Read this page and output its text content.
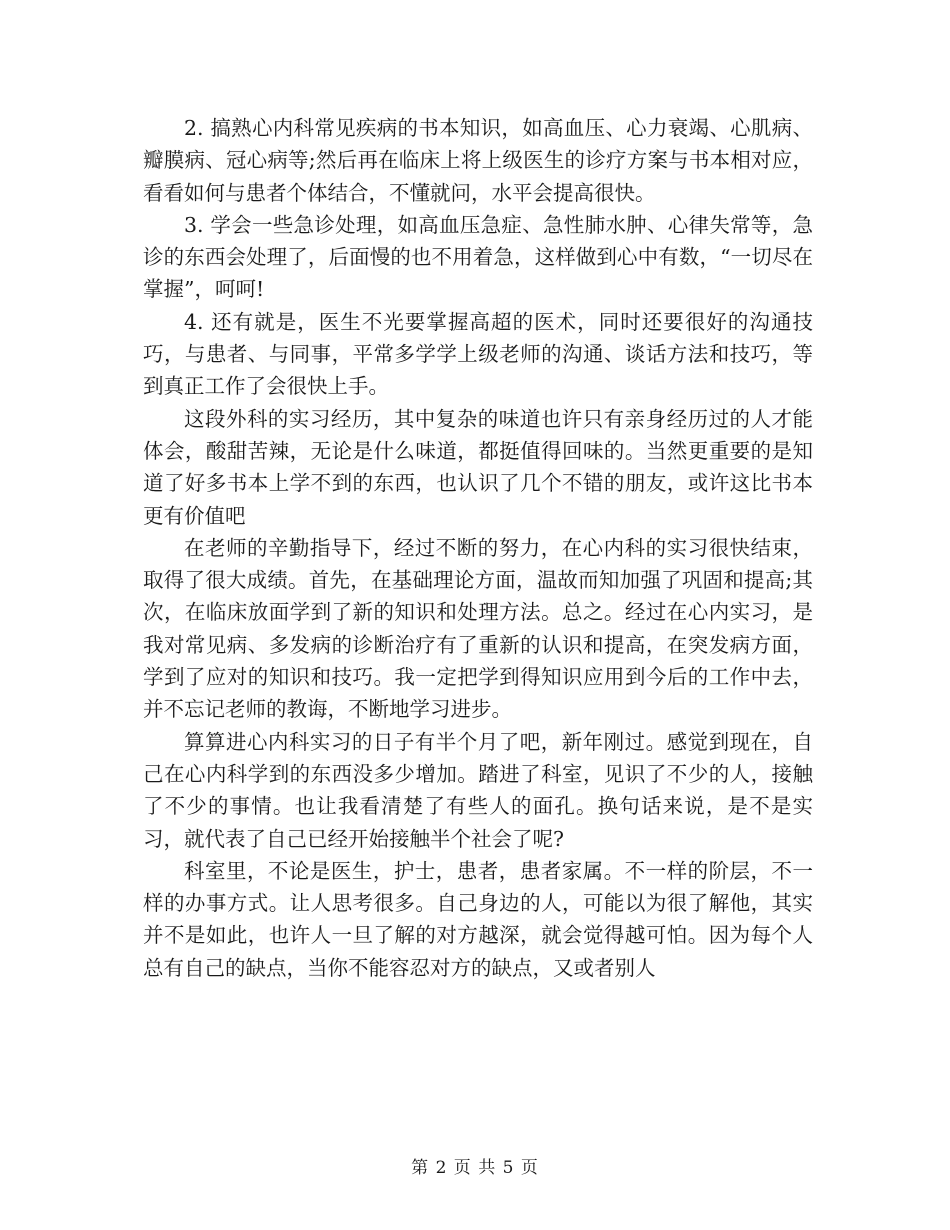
2. 搞熟心内科常见疾病的书本知识，如高血压、心力衰竭、心肌病、瓣膜病、冠心病等;然后再在临床上将上级医生的诊疗方案与书本相对应，看看如何与患者个体结合，不懂就问，水平会提高很快。

3. 学会一些急诊处理，如高血压急症、急性肺水肿、心律失常等，急诊的东西会处理了，后面慢的也不用着急，这样做到心中有数，“一切尽在掌握”，呵呵!

4. 还有就是，医生不光要掌握高超的医术，同时还要很好的沟通技巧，与患者、与同事，平常多学学上级老师的沟通、谈话方法和技巧，等到真正工作了会很快上手。

这段外科的实习经历，其中复杂的味道也许只有亲身经历过的人才能体会，酸甜苦辣，无论是什么味道，都挺值得回味的。当然更重要的是知道了好多书本上学不到的东西，也认识了几个不错的朋友，或许这比书本更有价值吧

在老师的辛勤指导下，经过不断的努力，在心内科的实习很快结束，取得了很大成绩。首先，在基础理论方面，温故而知加强了巩固和提高;其次，在临床放面学到了新的知识和处理方法。总之。经过在心内实习，是我对常见病、多发病的诊断治疗有了重新的认识和提高，在突发病方面，学到了应对的知识和技巧。我一定把学到得知识应用到今后的工作中去，并不忘记老师的教诲，不断地学习进步。

算算进心内科实习的日子有半个月了吧，新年刚过。感觉到现在，自己在心内科学到的东西没多少增加。踏进了科室，见识了不少的人，接触了不少的事情。也让我看清楚了有些人的面孔。换句话来说，是不是实习，就代表了自己已经开始接触半个社会了呢?

科室里，不论是医生，护士，患者，患者家属。不一样的阶层，不一样的办事方式。让人思考很多。自己身边的人，可能以为很了解他，其实并不是如此，也许人一旦了解的对方越深，就会觉得越可怕。因为每个人总有自己的缺点，当你不能容忍对方的缺点，又或者别人

第 2 页 共 5 页
